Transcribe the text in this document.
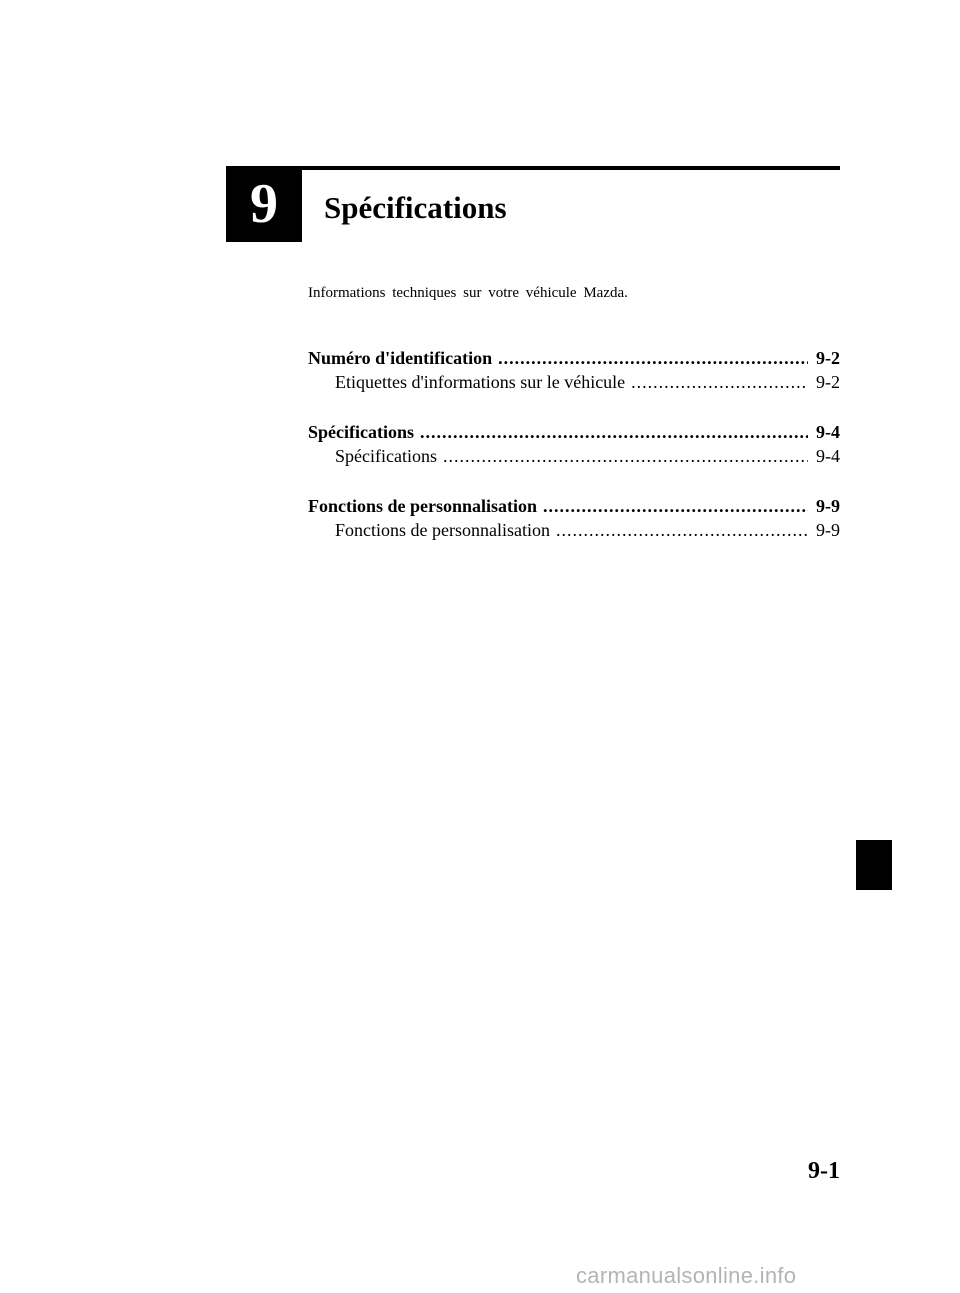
9	Spécifications
Informations techniques sur votre véhicule Mazda.
Numéro d'identification .....	9-2
Etiquettes d'informations sur le véhicule .....	9-2
Spécifications .....	9-4
Spécifications .....	9-4
Fonctions de personnalisation .....	9-9
Fonctions de personnalisation .....	9-9
9-1
carmanualsonline.info
